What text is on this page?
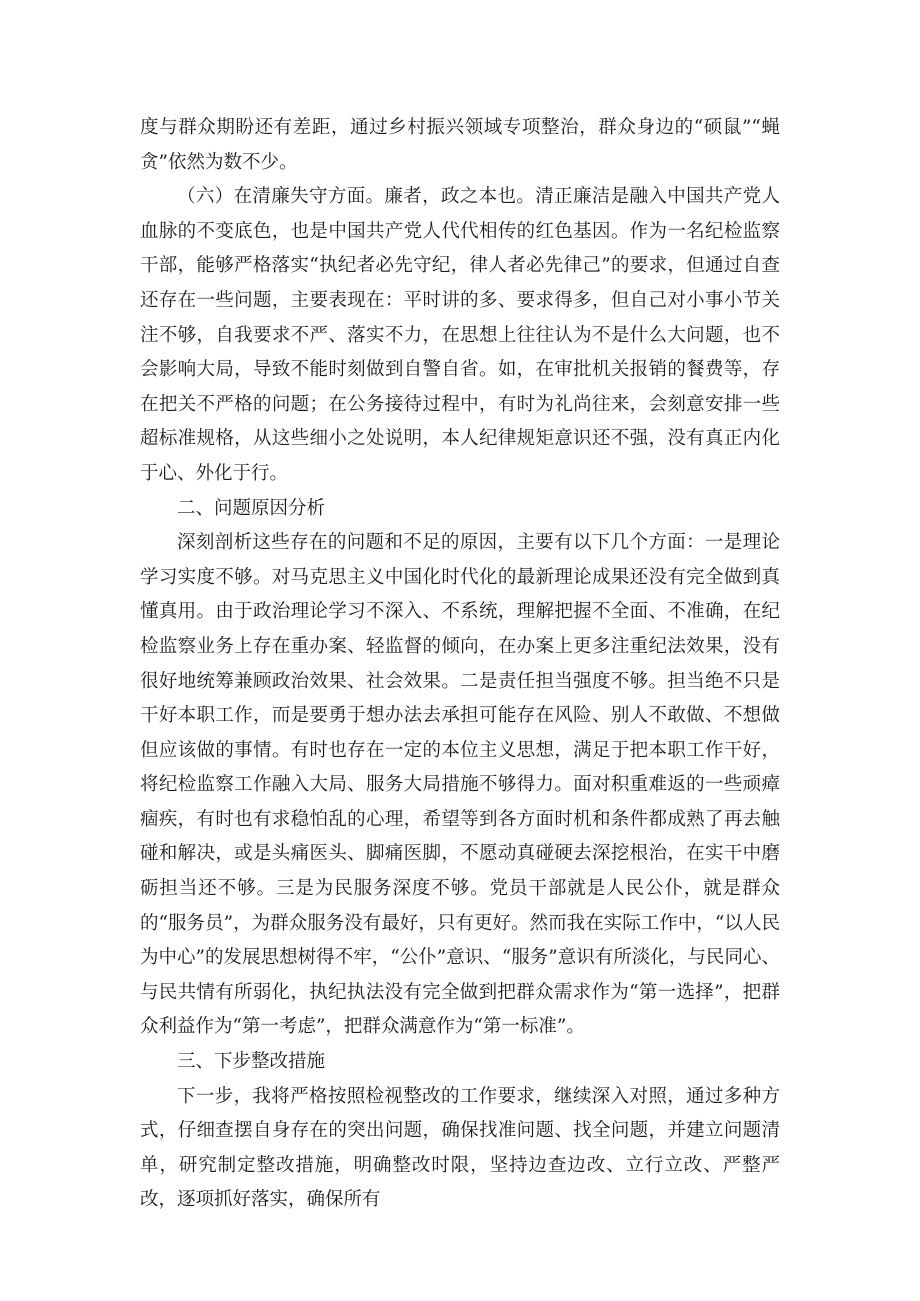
度与群众期盼还有差距，通过乡村振兴领域专项整治，群众身边的“硕鼠”“蝇贪”依然为数不少。

（六）在清廉失守方面。廉者，政之本也。清正廉洁是融入中国共产党人血脉的不变底色，也是中国共产党人代代相传的红色基因。作为一名纪检监察干部，能够严格落实“执纪者必先守纪，律人者必先律己”的要求，但通过自查还存在一些问题，主要表现在：平时讲的多、要求得多，但自己对小事小节关注不够，自我要求不严、落实不力，在思想上往往认为不是什么大问题，也不会影响大局，导致不能时刻做到自警自省。如，在审批机关报销的餐费等，存在把关不严格的问题；在公务接待过程中，有时为礼尚往来，会刻意安排一些超标准规格，从这些细小之处说明，本人纪律规矩意识还不强，没有真正内化于心、外化于行。

二、问题原因分析

深刻剖析这些存在的问题和不足的原因，主要有以下几个方面：一是理论学习实度不够。对马克思主义中国化时代化的最新理论成果还没有完全做到真懂真用。由于政治理论学习不深入、不系统，理解把握不全面、不准确，在纪检监察业务上存在重办案、轻监督的倾向，在办案上更多注重纪法效果，没有很好地统筹兼顾政治效果、社会效果。二是责任担当强度不够。担当绝不只是干好本职工作，而是要勇于想办法去承担可能存在风险、别人不敢做、不想做但应该做的事情。有时也存在一定的本位主义思想，满足于把本职工作干好，将纪检监察工作融入大局、服务大局措施不够得力。面对积重难返的一些顽瘴痼疾，有时也有求稳怕乱的心理，希望等到各方面时机和条件都成熟了再去触碰和解决，或是头痛医头、脚痛医脚，不愿动真碰硬去深挖根治，在实干中磨砺担当还不够。三是为民服务深度不够。党员干部就是人民公仆，就是群众的“服务员”，为群众服务没有最好，只有更好。然而我在实际工作中，“以人民为中心”的发展思想树得不牢，“公仆”意识、“服务”意识有所淡化，与民同心、与民共情有所弱化，执纪执法没有完全做到把群众需求作为“第一选择”，把群众利益作为“第一考虑”，把群众满意作为“第一标准”。

三、下步整改措施

下一步，我将严格按照检视整改的工作要求，继续深入对照，通过多种方式，仔细查摆自身存在的突出问题，确保找准问题、找全问题，并建立问题清单，研究制定整改措施，明确整改时限，坚持边查边改、立行立改、严整严改，逐项抓好落实，确保所有
